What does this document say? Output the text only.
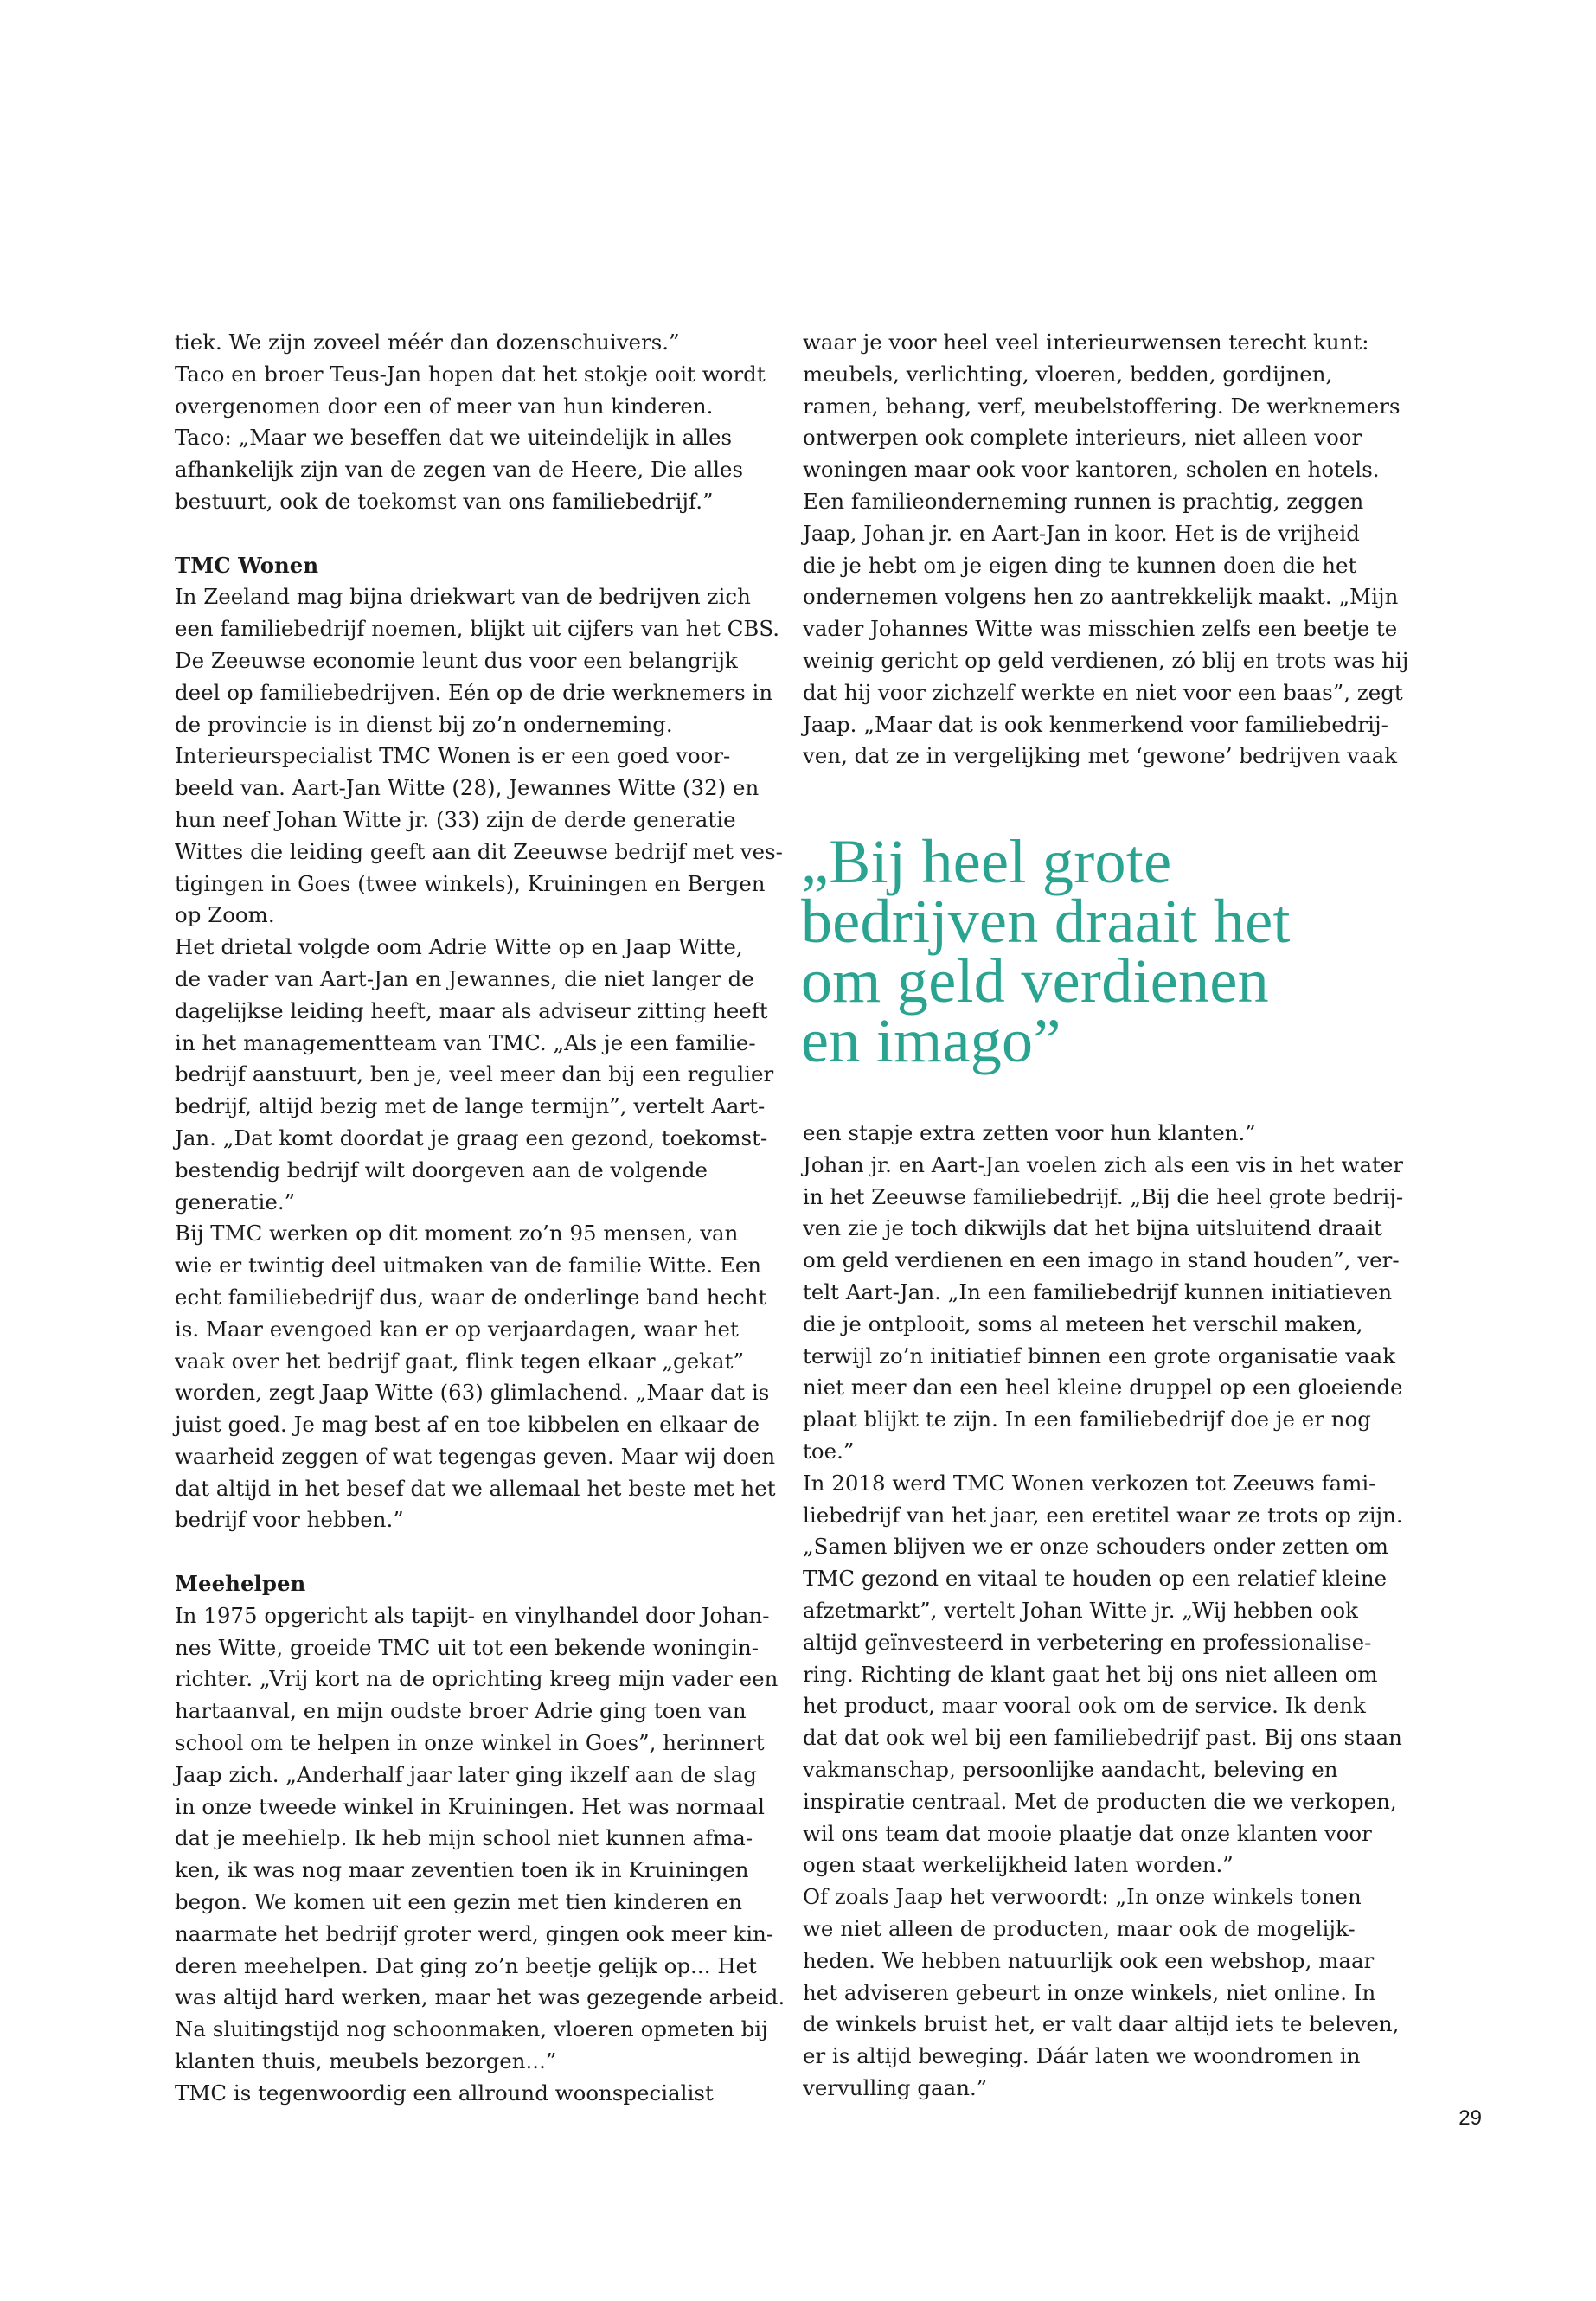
tiek. We zijn zoveel méér dan dozenschuivers.”
Taco en broer Teus-Jan hopen dat het stokje ooit wordt
overgenomen door een of meer van hun kinderen.
Taco: „Maar we beseffen dat we uiteindelijk in alles
afhankelijk zijn van de zegen van de Heere, Die alles
bestuurt, ook de toekomst van ons familiebedrijf.”
TMC Wonen
In Zeeland mag bijna driekwart van de bedrijven zich
een familiebedrijf noemen, blijkt uit cijfers van het CBS.
De Zeeuwse economie leunt dus voor een belangrijk
deel op familiebedrijven. Eén op de drie werknemers in
de provincie is in dienst bij zo’n onderneming.
Interieurspecialist TMC Wonen is er een goed voor-
beeld van. Aart-Jan Witte (28), Jewannes Witte (32) en
hun neef Johan Witte jr. (33) zijn de derde generatie
Wittes die leiding geeft aan dit Zeeuwse bedrijf met ves-
tigingen in Goes (twee winkels), Kruiningen en Bergen
op Zoom.
Het drietal volgde oom Adrie Witte op en Jaap Witte,
de vader van Aart-Jan en Jewannes, die niet langer de
dagelijkse leiding heeft, maar als adviseur zitting heeft
in het managementteam van TMC. „Als je een familie-
bedrijf aanstuurt, ben je, veel meer dan bij een regulier
bedrijf, altijd bezig met de lange termijn”, vertelt Aart-
Jan. „Dat komt doordat je graag een gezond, toekomst-
bestendig bedrijf wilt doorgeven aan de volgende
generatie.”
Bij TMC werken op dit moment zo’n 95 mensen, van
wie er twintig deel uitmaken van de familie Witte. Een
echt familiebedrijf dus, waar de onderlinge band hecht
is. Maar evengoed kan er op verjaardagen, waar het
vaak over het bedrijf gaat, flink tegen elkaar „gekat”
worden, zegt Jaap Witte (63) glimlachend. „Maar dat is
juist goed. Je mag best af en toe kibbelen en elkaar de
waarheid zeggen of wat tegengas geven. Maar wij doen
dat altijd in het besef dat we allemaal het beste met het
bedrijf voor hebben.”
Meehelpen
In 1975 opgericht als tapijt- en vinylhandel door Johan-
nes Witte, groeide TMC uit tot een bekende woningin-
richter. „Vrij kort na de oprichting kreeg mijn vader een
hartaanval, en mijn oudste broer Adrie ging toen van
school om te helpen in onze winkel in Goes”, herinnert
Jaap zich. „Anderhalf jaar later ging ikzelf aan de slag
in onze tweede winkel in Kruiningen. Het was normaal
dat je meehielp. Ik heb mijn school niet kunnen afma-
ken, ik was nog maar zeventien toen ik in Kruiningen
begon. We komen uit een gezin met tien kinderen en
naarmate het bedrijf groter werd, gingen ook meer kin-
deren meehelpen. Dat ging zo’n beetje gelijk op... Het
was altijd hard werken, maar het was gezegende arbeid.
Na sluitingstijd nog schoonmaken, vloeren opmeten bij
klanten thuis, meubels bezorgen...”
TMC is tegenwoordig een allround woonspecialist
waar je voor heel veel interieurwensen terecht kunt:
meubels, verlichting, vloeren, bedden, gordijnen,
ramen, behang, verf, meubelstoffering. De werknemers
ontwerpen ook complete interieurs, niet alleen voor
woningen maar ook voor kantoren, scholen en hotels.
Een familieonderneming runnen is prachtig, zeggen
Jaap, Johan jr. en Aart-Jan in koor. Het is de vrijheid
die je hebt om je eigen ding te kunnen doen die het
ondernemen volgens hen zo aantrekkelijk maakt. „Mijn
vader Johannes Witte was misschien zelfs een beetje te
weinig gericht op geld verdienen, zó blij en trots was hij
dat hij voor zichzelf werkte en niet voor een baas”, zegt
Jaap. „Maar dat is ook kenmerkend voor familiebedrij-
ven, dat ze in vergelijking met ‘gewone’ bedrijven vaak
„Bij heel grote
bedrijven draait het
om geld verdienen
en imago”
een stapje extra zetten voor hun klanten.”
Johan jr. en Aart-Jan voelen zich als een vis in het water
in het Zeeuwse familiebedrijf. „Bij die heel grote bedrij-
ven zie je toch dikwijls dat het bijna uitsluitend draait
om geld verdienen en een imago in stand houden”, ver-
telt Aart-Jan. „In een familiebedrijf kunnen initiatieven
die je ontplooit, soms al meteen het verschil maken,
terwijl zo’n initiatief binnen een grote organisatie vaak
niet meer dan een heel kleine druppel op een gloeiende
plaat blijkt te zijn. In een familiebedrijf doe je er nog
toe.”
In 2018 werd TMC Wonen verkozen tot Zeeuws fami-
liebedrijf van het jaar, een eretitel waar ze trots op zijn.
„Samen blijven we er onze schouders onder zetten om
TMC gezond en vitaal te houden op een relatief kleine
afzetmarkt”, vertelt Johan Witte jr. „Wij hebben ook
altijd geïnvesteerd in verbetering en professionalise-
ring. Richting de klant gaat het bij ons niet alleen om
het product, maar vooral ook om de service. Ik denk
dat dat ook wel bij een familiebedrijf past. Bij ons staan
vakmanschap, persoonlijke aandacht, beleving en
inspiratie centraal. Met de producten die we verkopen,
wil ons team dat mooie plaatje dat onze klanten voor
ogen staat werkelijkheid laten worden.”
Of zoals Jaap het verwoordt: „In onze winkels tonen
we niet alleen de producten, maar ook de mogelijk-
heden. We hebben natuurlijk ook een webshop, maar
het adviseren gebeurt in onze winkels, niet online. In
de winkels bruist het, er valt daar altijd iets te beleven,
er is altijd beweging. Dáár laten we woondromen in
vervulling gaan.”
29
